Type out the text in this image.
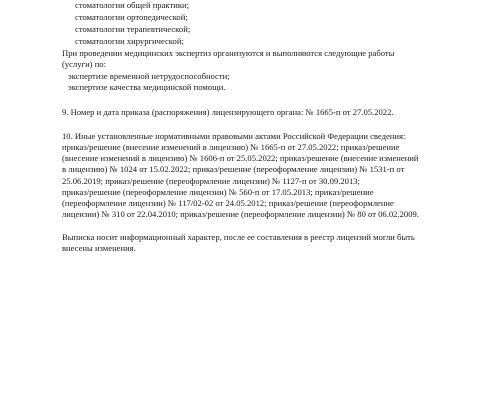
стоматологии общей практики;
стоматологии ортопедической;
стоматологии терапевтической;
стоматологии хирургической;
При проведении медицинских экспертиз организуются и выполняются следующие работы
(услуги) по:
экспертизе временной нетрудоспособности;
экспертизе качества медицинской помощи.
9. Номер и дата приказа (распоряжения) лицензирующего органа: № 1665-п от 27.05.2022.
10. Иные установленные нормативными правовыми актами Российской Федерации сведения:
приказ/решение (внесение изменений в лицензию) № 1665-п от 27.05.2022; приказ/решение
(внесение изменений в лицензию) № 1606-п от 25.05.2022; приказ/решение (внесение изменений
в лицензию) № 1024 от 15.02.2022; приказ/решение (переоформление лицензии) № 1531-п от
25.06.2019; приказ/решение (переоформление лицензии) № 1127-п от 30.09.2013;
приказ/решение (переоформление лицензии) № 560-п от 17.05.2013; приказ/решение
(переоформление лицензии) № 117/02-02 от 24.05.2012; приказ/решение (переоформление
лицензии) № 310 от 22.04.2010; приказ/решение (переоформление лицензии) № 80 от 06.02.2009.
Выписка носит информационный характер, после ее составления в реестр лицензий могли быть
внесены изменения.
